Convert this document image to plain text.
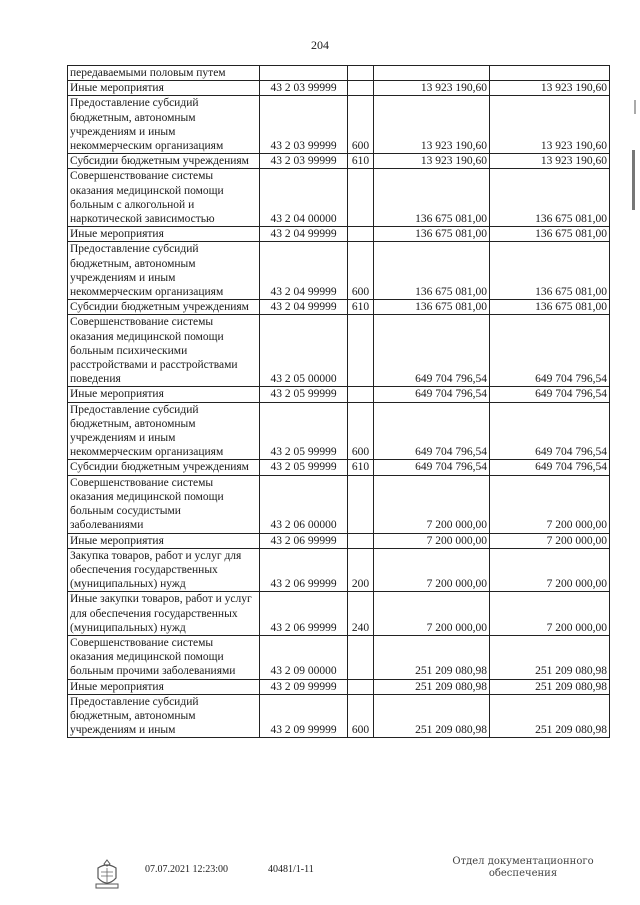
204
передаваемыми половым путем				
Иные мероприятия	43 2 03 99999		13 923 190,60	13 923 190,60
Предоставление субсидий бюджетным, автономным учреждениям и иным некоммерческим организациям	43 2 03 99999	600	13 923 190,60	13 923 190,60
Субсидии бюджетным учреждениям	43 2 03 99999	610	13 923 190,60	13 923 190,60
Совершенствование системы оказания медицинской помощи больным с алкогольной и наркотической зависимостью	43 2 04 00000		136 675 081,00	136 675 081,00
Иные мероприятия	43 2 04 99999		136 675 081,00	136 675 081,00
Предоставление субсидий бюджетным, автономным учреждениям и иным некоммерческим организациям	43 2 04 99999	600	136 675 081,00	136 675 081,00
Субсидии бюджетным учреждениям	43 2 04 99999	610	136 675 081,00	136 675 081,00
Совершенствование системы оказания медицинской помощи больным психическими расстройствами и расстройствами поведения	43 2 05 00000		649 704 796,54	649 704 796,54
Иные мероприятия	43 2 05 99999		649 704 796,54	649 704 796,54
Предоставление субсидий бюджетным, автономным учреждениям и иным некоммерческим организациям	43 2 05 99999	600	649 704 796,54	649 704 796,54
Субсидии бюджетным учреждениям	43 2 05 99999	610	649 704 796,54	649 704 796,54
Совершенствование системы оказания медицинской помощи больным сосудистыми заболеваниями	43 2 06 00000		7 200 000,00	7 200 000,00
Иные мероприятия	43 2 06 99999		7 200 000,00	7 200 000,00
Закупка товаров, работ и услуг для обеспечения государственных (муниципальных) нужд	43 2 06 99999	200	7 200 000,00	7 200 000,00
Иные закупки товаров, работ и услуг для обеспечения государственных (муниципальных) нужд	43 2 06 99999	240	7 200 000,00	7 200 000,00
Совершенствование системы оказания медицинской помощи больным прочими заболеваниями	43 2 09 00000		251 209 080,98	251 209 080,98
Иные мероприятия	43 2 09 99999		251 209 080,98	251 209 080,98
Предоставление субсидий бюджетным, автономным учреждениям и иным	43 2 09 99999	600	251 209 080,98	251 209 080,98
07.07.2021 12:23:00	40481/1-11
Отдел документационного
обеспечения
